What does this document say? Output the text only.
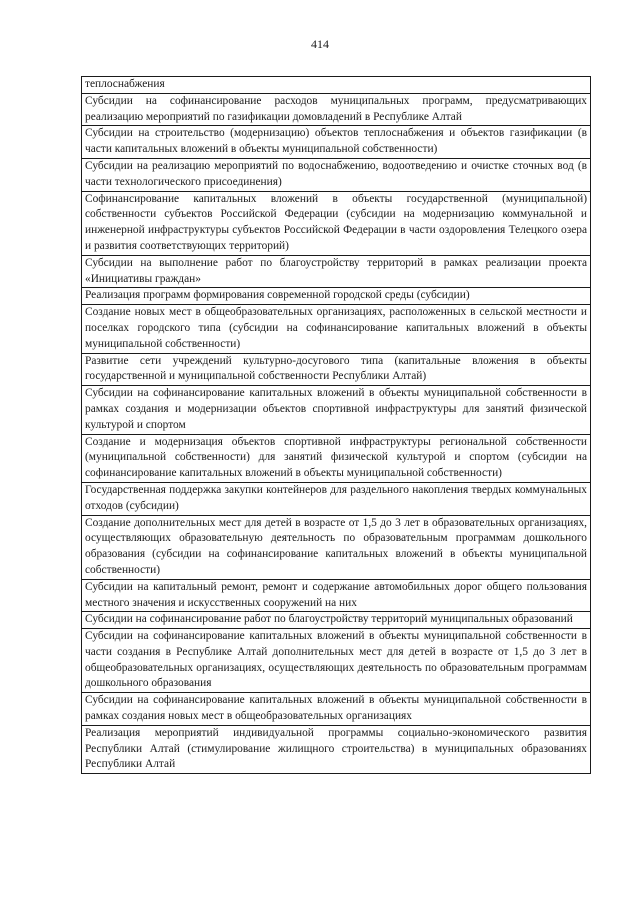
414
теплоснабжения
Субсидии на софинансирование расходов муниципальных программ, предусматривающих реализацию мероприятий по газификации домовладений в Республике Алтай
Субсидии на строительство (модернизацию) объектов теплоснабжения и объектов газификации (в части капитальных вложений в объекты муниципальной собственности)
Субсидии на реализацию мероприятий по водоснабжению, водоотведению и очистке сточных вод (в части технологического присоединения)
Софинансирование капитальных вложений в объекты государственной (муниципальной) собственности субъектов Российской Федерации (субсидии на модернизацию коммунальной и инженерной инфраструктуры субъектов Российской Федерации в части оздоровления Телецкого озера и развития соответствующих территорий)
Субсидии на выполнение работ по благоустройству территорий в рамках реализации проекта «Инициативы граждан»
Реализация программ формирования современной городской среды (субсидии)
Создание новых мест в общеобразовательных организациях, расположенных в сельской местности и поселках городского типа (субсидии на софинансирование капитальных вложений в объекты муниципальной собственности)
Развитие сети учреждений культурно-досугового типа (капитальные вложения в объекты государственной и муниципальной собственности Республики Алтай)
Субсидии на софинансирование капитальных вложений в объекты муниципальной собственности в рамках создания и модернизации объектов спортивной инфраструктуры для занятий физической культурой и спортом
Создание и модернизация объектов спортивной инфраструктуры региональной собственности (муниципальной собственности) для занятий физической культурой и спортом (субсидии на софинансирование капитальных вложений в объекты муниципальной собственности)
Государственная поддержка закупки контейнеров для раздельного накопления твердых коммунальных отходов (субсидии)
Создание дополнительных мест для детей в возрасте от 1,5 до 3 лет в образовательных организациях, осуществляющих образовательную деятельность по образовательным программам дошкольного образования (субсидии на софинансирование капитальных вложений в объекты муниципальной собственности)
Субсидии на капитальный ремонт, ремонт и содержание автомобильных дорог общего пользования местного значения и искусственных сооружений на них
Субсидии на софинансирование работ по благоустройству территорий муниципальных образований
Субсидии на софинансирование капитальных вложений в объекты муниципальной собственности в части создания в Республике Алтай дополнительных мест для детей в возрасте от 1,5 до 3 лет в общеобразовательных организациях, осуществляющих деятельность по образовательным программам дошкольного образования
Субсидии на софинансирование капитальных вложений в объекты муниципальной собственности в рамках создания новых мест в общеобразовательных организациях
Реализация мероприятий индивидуальной программы социально-экономического развития Республики Алтай (стимулирование жилищного строительства) в муниципальных образованиях Республики Алтай
